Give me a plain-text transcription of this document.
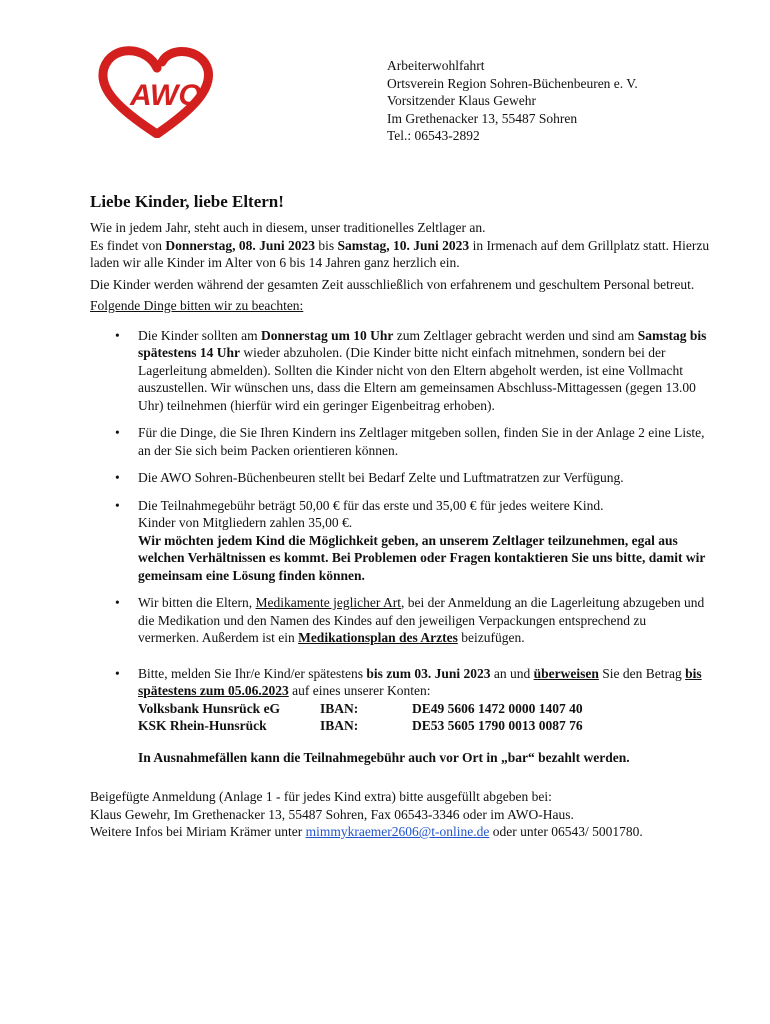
AWO
Arbeiterwohlfahrt
Ortsverein Region Sohren-Büchenbeuren e. V.
Vorsitzender Klaus Gewehr
Im Grethenacker 13, 55487 Sohren
Tel.: 06543-2892
Liebe Kinder, liebe Eltern!

Wie in jedem Jahr, steht auch in diesem, unser traditionelles Zeltlager an.

Es findet von Donnerstag, 08. Juni 2023 bis Samstag, 10. Juni 2023 in Irmenach auf dem Grillplatz statt. Hierzu laden wir alle Kinder im Alter von 6 bis 14 Jahren ganz herzlich ein.

Die Kinder werden während der gesamten Zeit ausschließlich von erfahrenem und geschultem Personal betreut.

Folgende Dinge bitten wir zu beachten:

• Die Kinder sollten am Donnerstag um 10 Uhr zum Zeltlager gebracht werden und sind am Samstag bis spätestens 14 Uhr wieder abzuholen. (Die Kinder bitte nicht einfach mitnehmen, sondern bei der Lagerleitung abmelden). Sollten die Kinder nicht von den Eltern abgeholt werden, ist eine Vollmacht auszustellen. Wir wünschen uns, dass die Eltern am gemeinsamen Abschluss-Mittagessen (gegen 13.00 Uhr) teilnehmen (hierfür wird ein geringer Eigenbeitrag erhoben).
• Für die Dinge, die Sie Ihren Kindern ins Zeltlager mitgeben sollen, finden Sie in der Anlage 2 eine Liste, an der Sie sich beim Packen orientieren können.
• Die AWO Sohren-Büchenbeuren stellt bei Bedarf Zelte und Luftmatratzen zur Verfügung.
• Die Teilnahmegebühr beträgt 50,00 € für das erste und 35,00 € für jedes weitere Kind.
Kinder von Mitgliedern zahlen 35,00 €.
Wir möchten jedem Kind die Möglichkeit geben, an unserem Zeltlager teilzunehmen, egal aus welchen Verhältnissen es kommt. Bei Problemen oder Fragen kontaktieren Sie uns bitte, damit wir gemeinsam eine Lösung finden können.
• Wir bitten die Eltern, Medikamente jeglicher Art, bei der Anmeldung an die Lagerleitung abzugeben und die Medikation und den Namen des Kindes auf den jeweiligen Verpackungen entsprechend zu vermerken. Außerdem ist ein Medikationsplan des Arztes beizufügen.
• Bitte, melden Sie Ihr/e Kind/er spätestens bis zum 03. Juni 2023 an und überweisen Sie den Betrag bis spätestens zum 05.06.2023 auf eines unserer Konten:
Volksbank Hunsrück eG	IBAN:	DE49 5606 1472 0000 1407 40
KSK Rhein-Hunsrück	IBAN:	DE53 5605 1790 0013 0087 76

In Ausnahmefällen kann die Teilnahmegebühr auch vor Ort in „bar“ bezahlt werden.

Beigefügte Anmeldung (Anlage 1 - für jedes Kind extra) bitte ausgefüllt abgeben bei:

Klaus Gewehr, Im Grethenacker 13, 55487 Sohren, Fax 06543-3346 oder im AWO-Haus.

Weitere Infos bei Miriam Krämer unter mimmykraemer2606@t-online.de oder unter 06543/ 5001780.
